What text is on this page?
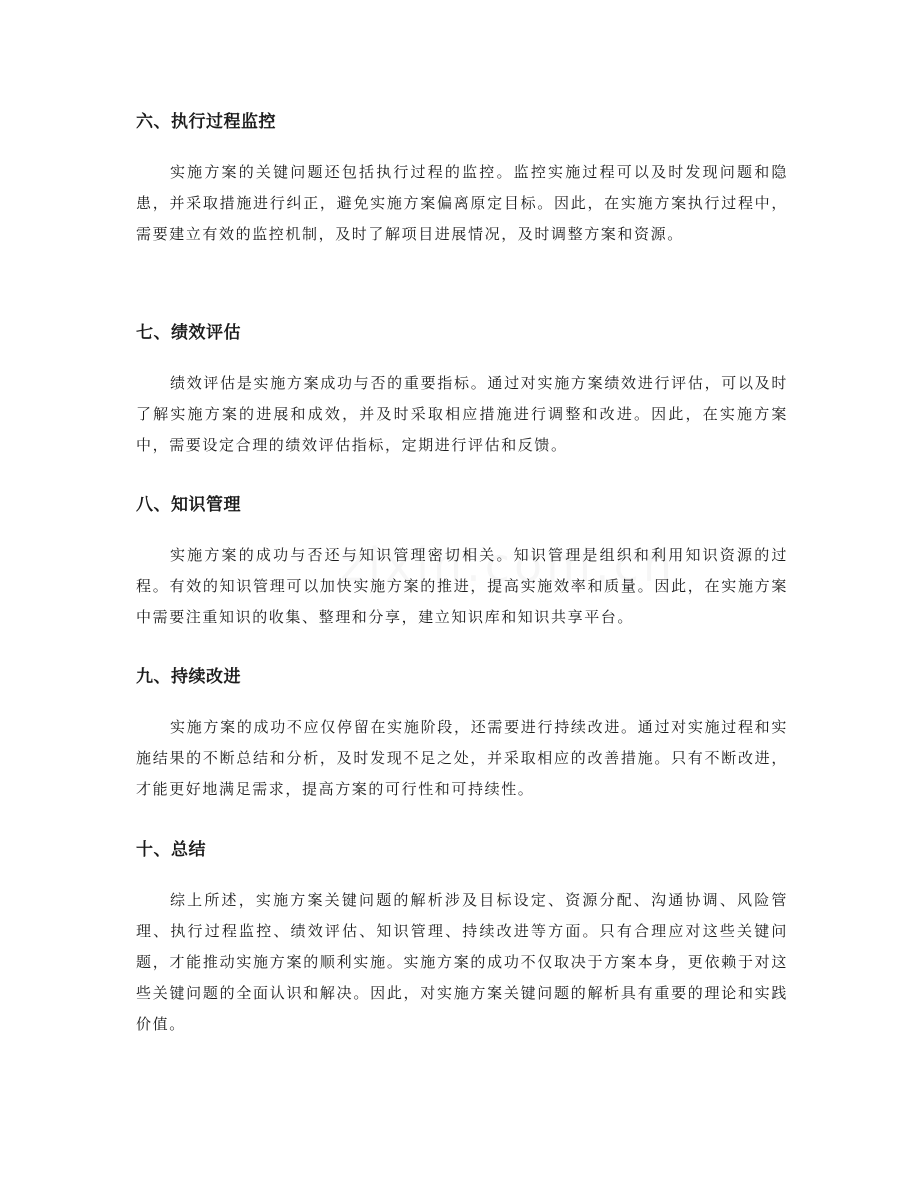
六、执行过程监控

实施方案的关键问题还包括执行过程的监控。监控实施过程可以及时发现问题和隐患，并采取措施进行纠正，避免实施方案偏离原定目标。因此，在实施方案执行过程中，需要建立有效的监控机制，及时了解项目进展情况，及时调整方案和资源。

七、绩效评估

绩效评估是实施方案成功与否的重要指标。通过对实施方案绩效进行评估，可以及时了解实施方案的进展和成效，并及时采取相应措施进行调整和改进。因此，在实施方案中，需要设定合理的绩效评估指标，定期进行评估和反馈。

八、知识管理

实施方案的成功与否还与知识管理密切相关。知识管理是组织和利用知识资源的过程。有效的知识管理可以加快实施方案的推进，提高实施效率和质量。因此，在实施方案中需要注重知识的收集、整理和分享，建立知识库和知识共享平台。

九、持续改进

实施方案的成功不应仅停留在实施阶段，还需要进行持续改进。通过对实施过程和实施结果的不断总结和分析，及时发现不足之处，并采取相应的改善措施。只有不断改进，才能更好地满足需求，提高方案的可行性和可持续性。

十、总结

综上所述，实施方案关键问题的解析涉及目标设定、资源分配、沟通协调、风险管理、执行过程监控、绩效评估、知识管理、持续改进等方面。只有合理应对这些关键问题，才能推动实施方案的顺利实施。实施方案的成功不仅取决于方案本身，更依赖于对这些关键问题的全面认识和解决。因此，对实施方案关键问题的解析具有重要的理论和实践价值。
